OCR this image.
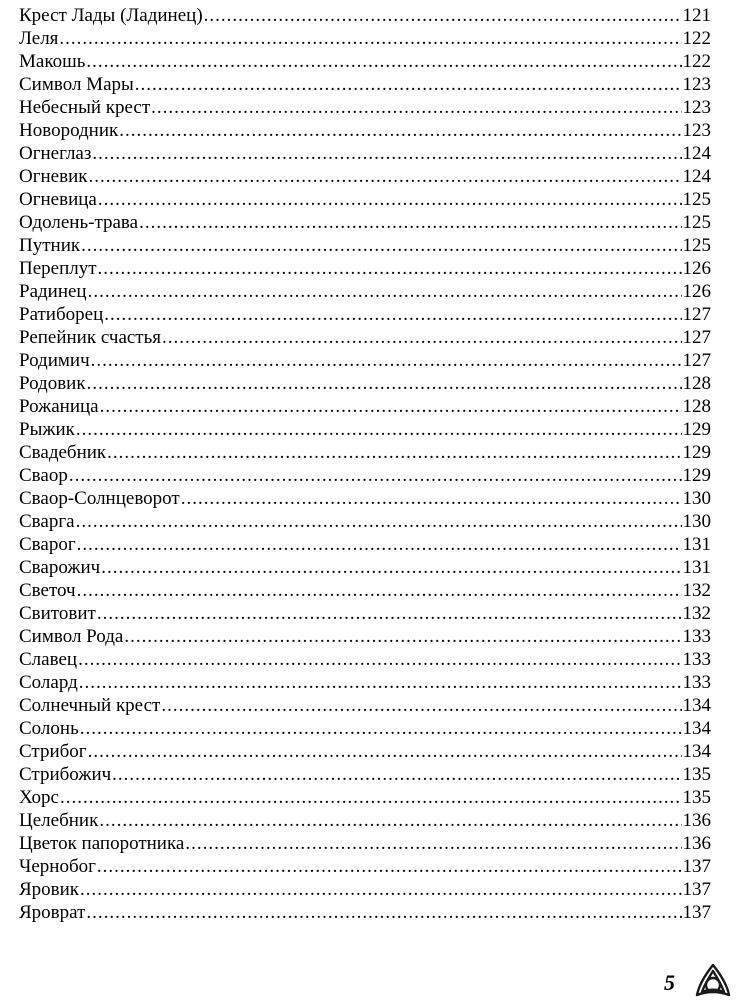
Крест Лады (Ладинец) .....	121
Леля .....	122
Макошь .....	122
Символ Мары .....	123
Небесный крест .....	123
Новородник .....	123
Огнеглаз .....	124
Огневик .....	124
Огневица .....	125
Одолень-трава .....	125
Путник .....	125
Переплут .....	126
Радинец .....	126
Ратиборец .....	127
Репейник счастья .....	127
Родимич .....	127
Родовик .....	128
Рожаница .....	128
Рыжик .....	129
Свадебник .....	129
Сваор .....	129
Сваор-Солнцеворот .....	130
Сварга .....	130
Сварог .....	131
Сварожич .....	131
Светоч .....	132
Свитовит .....	132
Символ Рода .....	133
Славец .....	133
Солард .....	133
Солнечный крест .....	134
Солонь .....	134
Стрибог .....	134
Стрибожич .....	135
Хорс .....	135
Целебник .....	136
Цветок папоротника .....	136
Чернобог .....	137
Яровик .....	137
Яроврат .....	137
5
